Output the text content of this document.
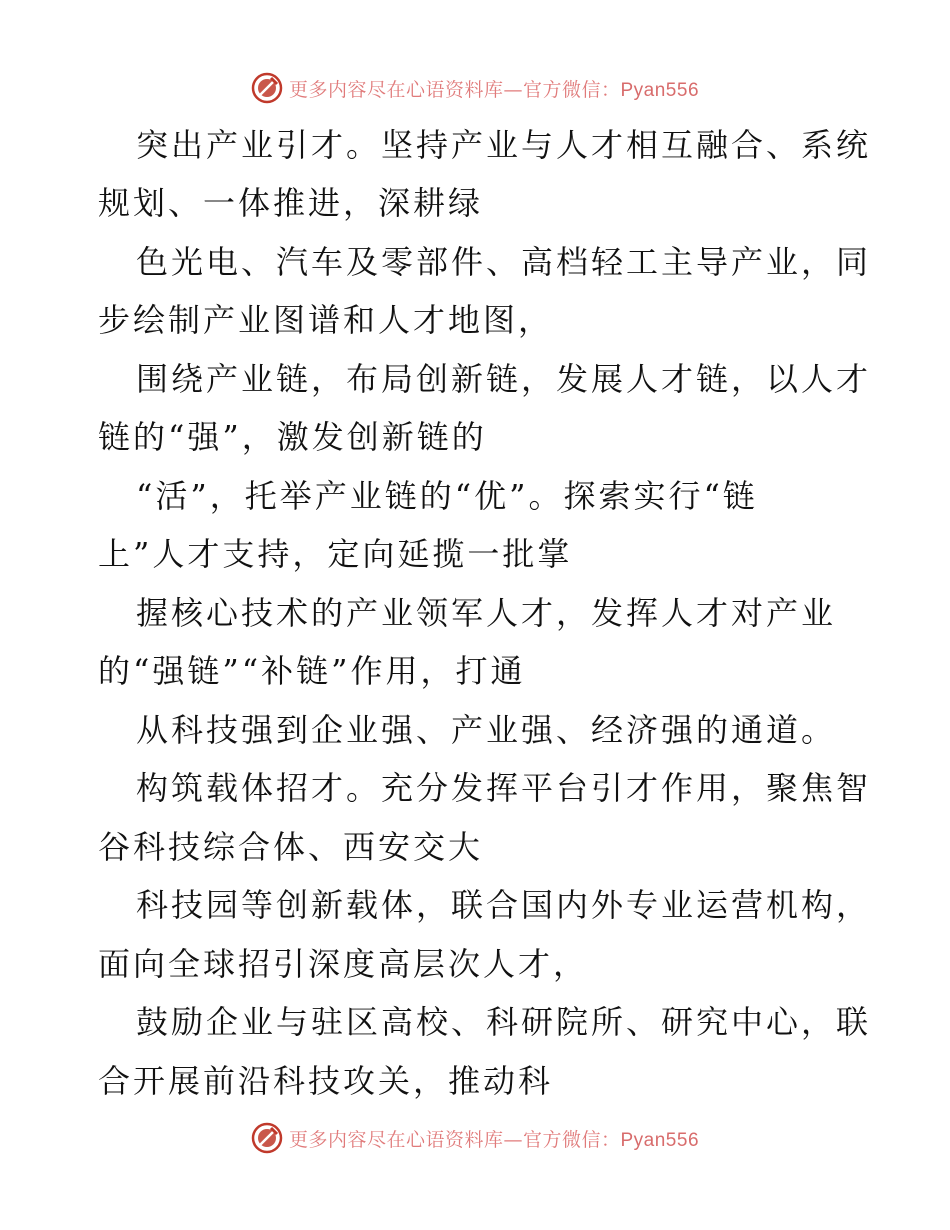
更多内容尽在心语资料库—官方微信：Pyan556
突出产业引才。坚持产业与人才相互融合、系统
规划、一体推进，深耕绿
色光电、汽车及零部件、高档轻工主导产业，同
步绘制产业图谱和人才地图，
围绕产业链，布局创新链，发展人才链，以人才
链的“强”，激发创新链的
“活”，托举产业链的“优”。探索实行“链
上”人才支持，定向延揽一批掌
握核心技术的产业领军人才，发挥人才对产业
的“强链”“补链”作用，打通
从科技强到企业强、产业强、经济强的通道。
构筑载体招才。充分发挥平台引才作用，聚焦智
谷科技综合体、西安交大
科技园等创新载体，联合国内外专业运营机构，
面向全球招引深度高层次人才，
鼓励企业与驻区高校、科研院所、研究中心，联
合开展前沿科技攻关，推动科
更多内容尽在心语资料库—官方微信：Pyan556
